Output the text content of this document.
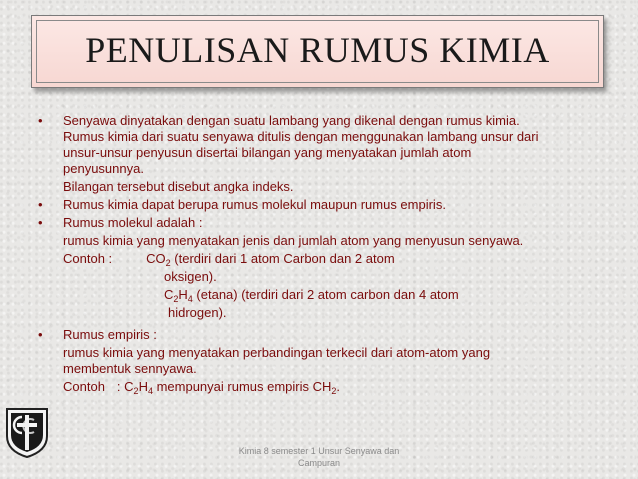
PENULISAN RUMUS KIMIA
• Senyawa dinyatakan dengan suatu lambang yang dikenal dengan rumus kimia.
Rumus kimia dari suatu senyawa ditulis dengan menggunakan lambang unsur dari
unsur-unsur penyusun disertai bilangan yang menyatakan jumlah atom
penyusunnya.
Bilangan tersebut disebut angka indeks.
• Rumus kimia dapat berupa rumus molekul maupun rumus empiris.
• Rumus molekul adalah :
rumus kimia yang menyatakan jenis dan jumlah atom yang menyusun senyawa.
Contoh :	$CO_2$ (terdiri dari 1 atom Carbon dan 2 atom
oksigen).
$C_2H_4$ (etana) (terdiri dari 2 atom carbon dan 4 atom
hidrogen).
• Rumus empiris :
rumus kimia yang menyatakan perbandingan terkecil dari atom-atom yang
membentuk sennyawa.
Contoh : $C_2H_4$ mempunyai rumus empiris $CH_2$.
Kimia 8 semester 1 Unsur Senyawa dan
Campuran
